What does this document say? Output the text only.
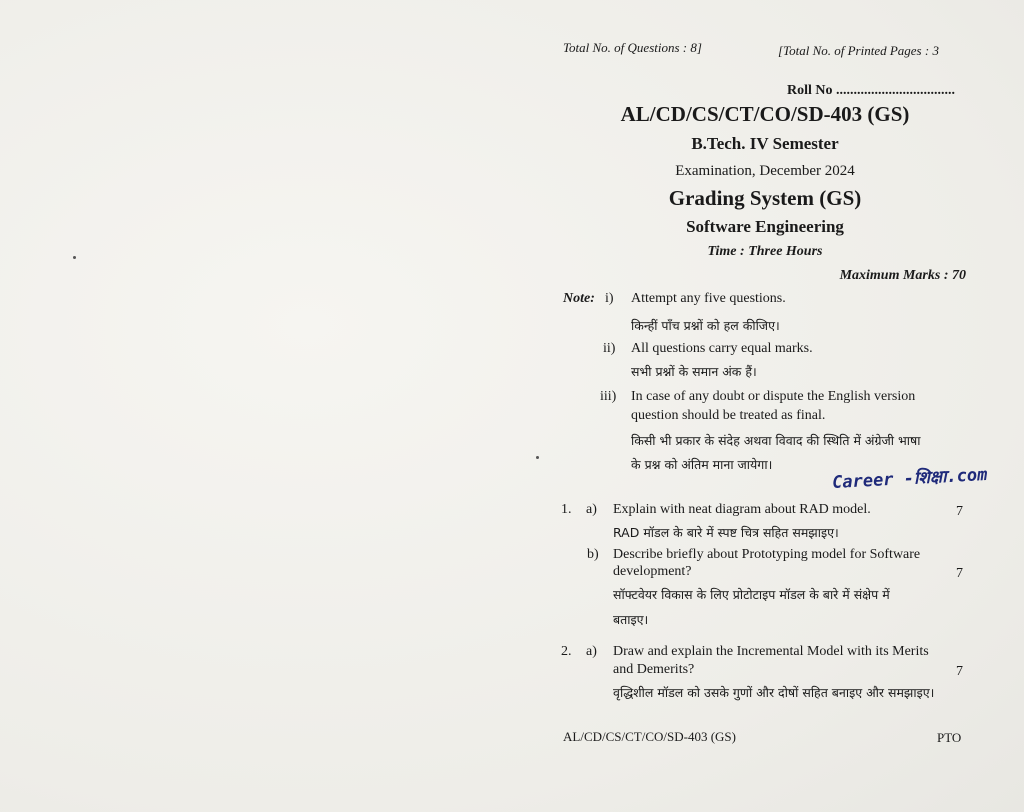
Total No. of Questions : 8]	[Total No. of Printed Pages : 3
Roll No ..................................
AL/CD/CS/CT/CO/SD-403 (GS)
B.Tech. IV Semester
Examination, December 2024
Grading System (GS)
Software Engineering
Time : Three Hours
Maximum Marks : 70
Note: i) Attempt any five questions.
किन्हीं पाँच प्रश्नों को हल कीजिए।
ii) All questions carry equal marks.
सभी प्रश्नों के समान अंक हैं।
iii) In case of any doubt or dispute the English version
question should be treated as final.
किसी भी प्रकार के संदेह अथवा विवाद की स्थिति में अंग्रेजी भाषा
के प्रश्न को अंतिम माना जायेगा।
Career -शिक्षा.com
1. a) Explain with neat diagram about RAD model.	7
RAD मॉडल के बारे में स्पष्ट चित्र सहित समझाइए।
b) Describe briefly about Prototyping model for Software
development?	7
सॉफ्टवेयर विकास के लिए प्रोटोटाइप मॉडल के बारे में संक्षेप में
बताइए।
2. a) Draw and explain the Incremental Model with its Merits
and Demerits?	7
वृद्धिशील मॉडल को उसके गुणों और दोषों सहित बनाइए और समझाइए।
AL/CD/CS/CT/CO/SD-403 (GS)	PTO
